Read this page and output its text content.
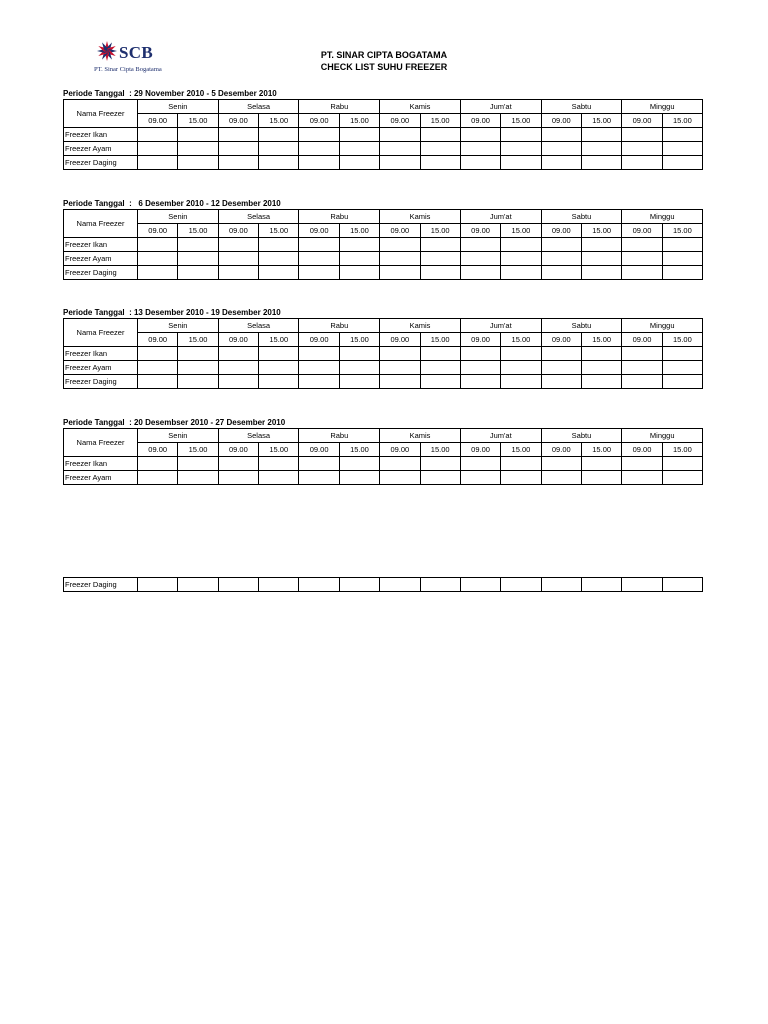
SCB
PT. Sinar Cipta Bogatama
PT. SINAR CIPTA BOGATAMA
CHECK LIST SUHU FREEZER
Periode Tanggal  : 29 November 2010 - 5 Desember 2010
Nama Freezer	Senin		Selasa		Rabu		Kamis		Jum'at		Sabtu		Minggu	
	09.00	15.00	09.00	15.00	09.00	15.00	09.00	15.00	09.00	15.00	09.00	15.00	09.00	15.00
Freezer Ikan														
Freezer Ayam														
Freezer Daging														
Periode Tanggal  :   6 Desember 2010 - 12 Desember 2010
Nama Freezer	Senin		Selasa		Rabu		Kamis		Jum'at		Sabtu		Minggu	
	09.00	15.00	09.00	15.00	09.00	15.00	09.00	15.00	09.00	15.00	09.00	15.00	09.00	15.00
Freezer Ikan														
Freezer Ayam														
Freezer Daging														
Periode Tanggal  : 13 Desember 2010 - 19 Desember 2010
Nama Freezer	Senin		Selasa		Rabu		Kamis		Jum'at		Sabtu		Minggu	
	09.00	15.00	09.00	15.00	09.00	15.00	09.00	15.00	09.00	15.00	09.00	15.00	09.00	15.00
Freezer Ikan														
Freezer Ayam														
Freezer Daging														
Periode Tanggal  : 20 Desembser 2010 - 27 Desember 2010
Nama Freezer	Senin		Selasa		Rabu		Kamis		Jum'at		Sabtu		Minggu	
	09.00	15.00	09.00	15.00	09.00	15.00	09.00	15.00	09.00	15.00	09.00	15.00	09.00	15.00
Freezer Ikan														
Freezer Ayam														
Freezer Daging														
